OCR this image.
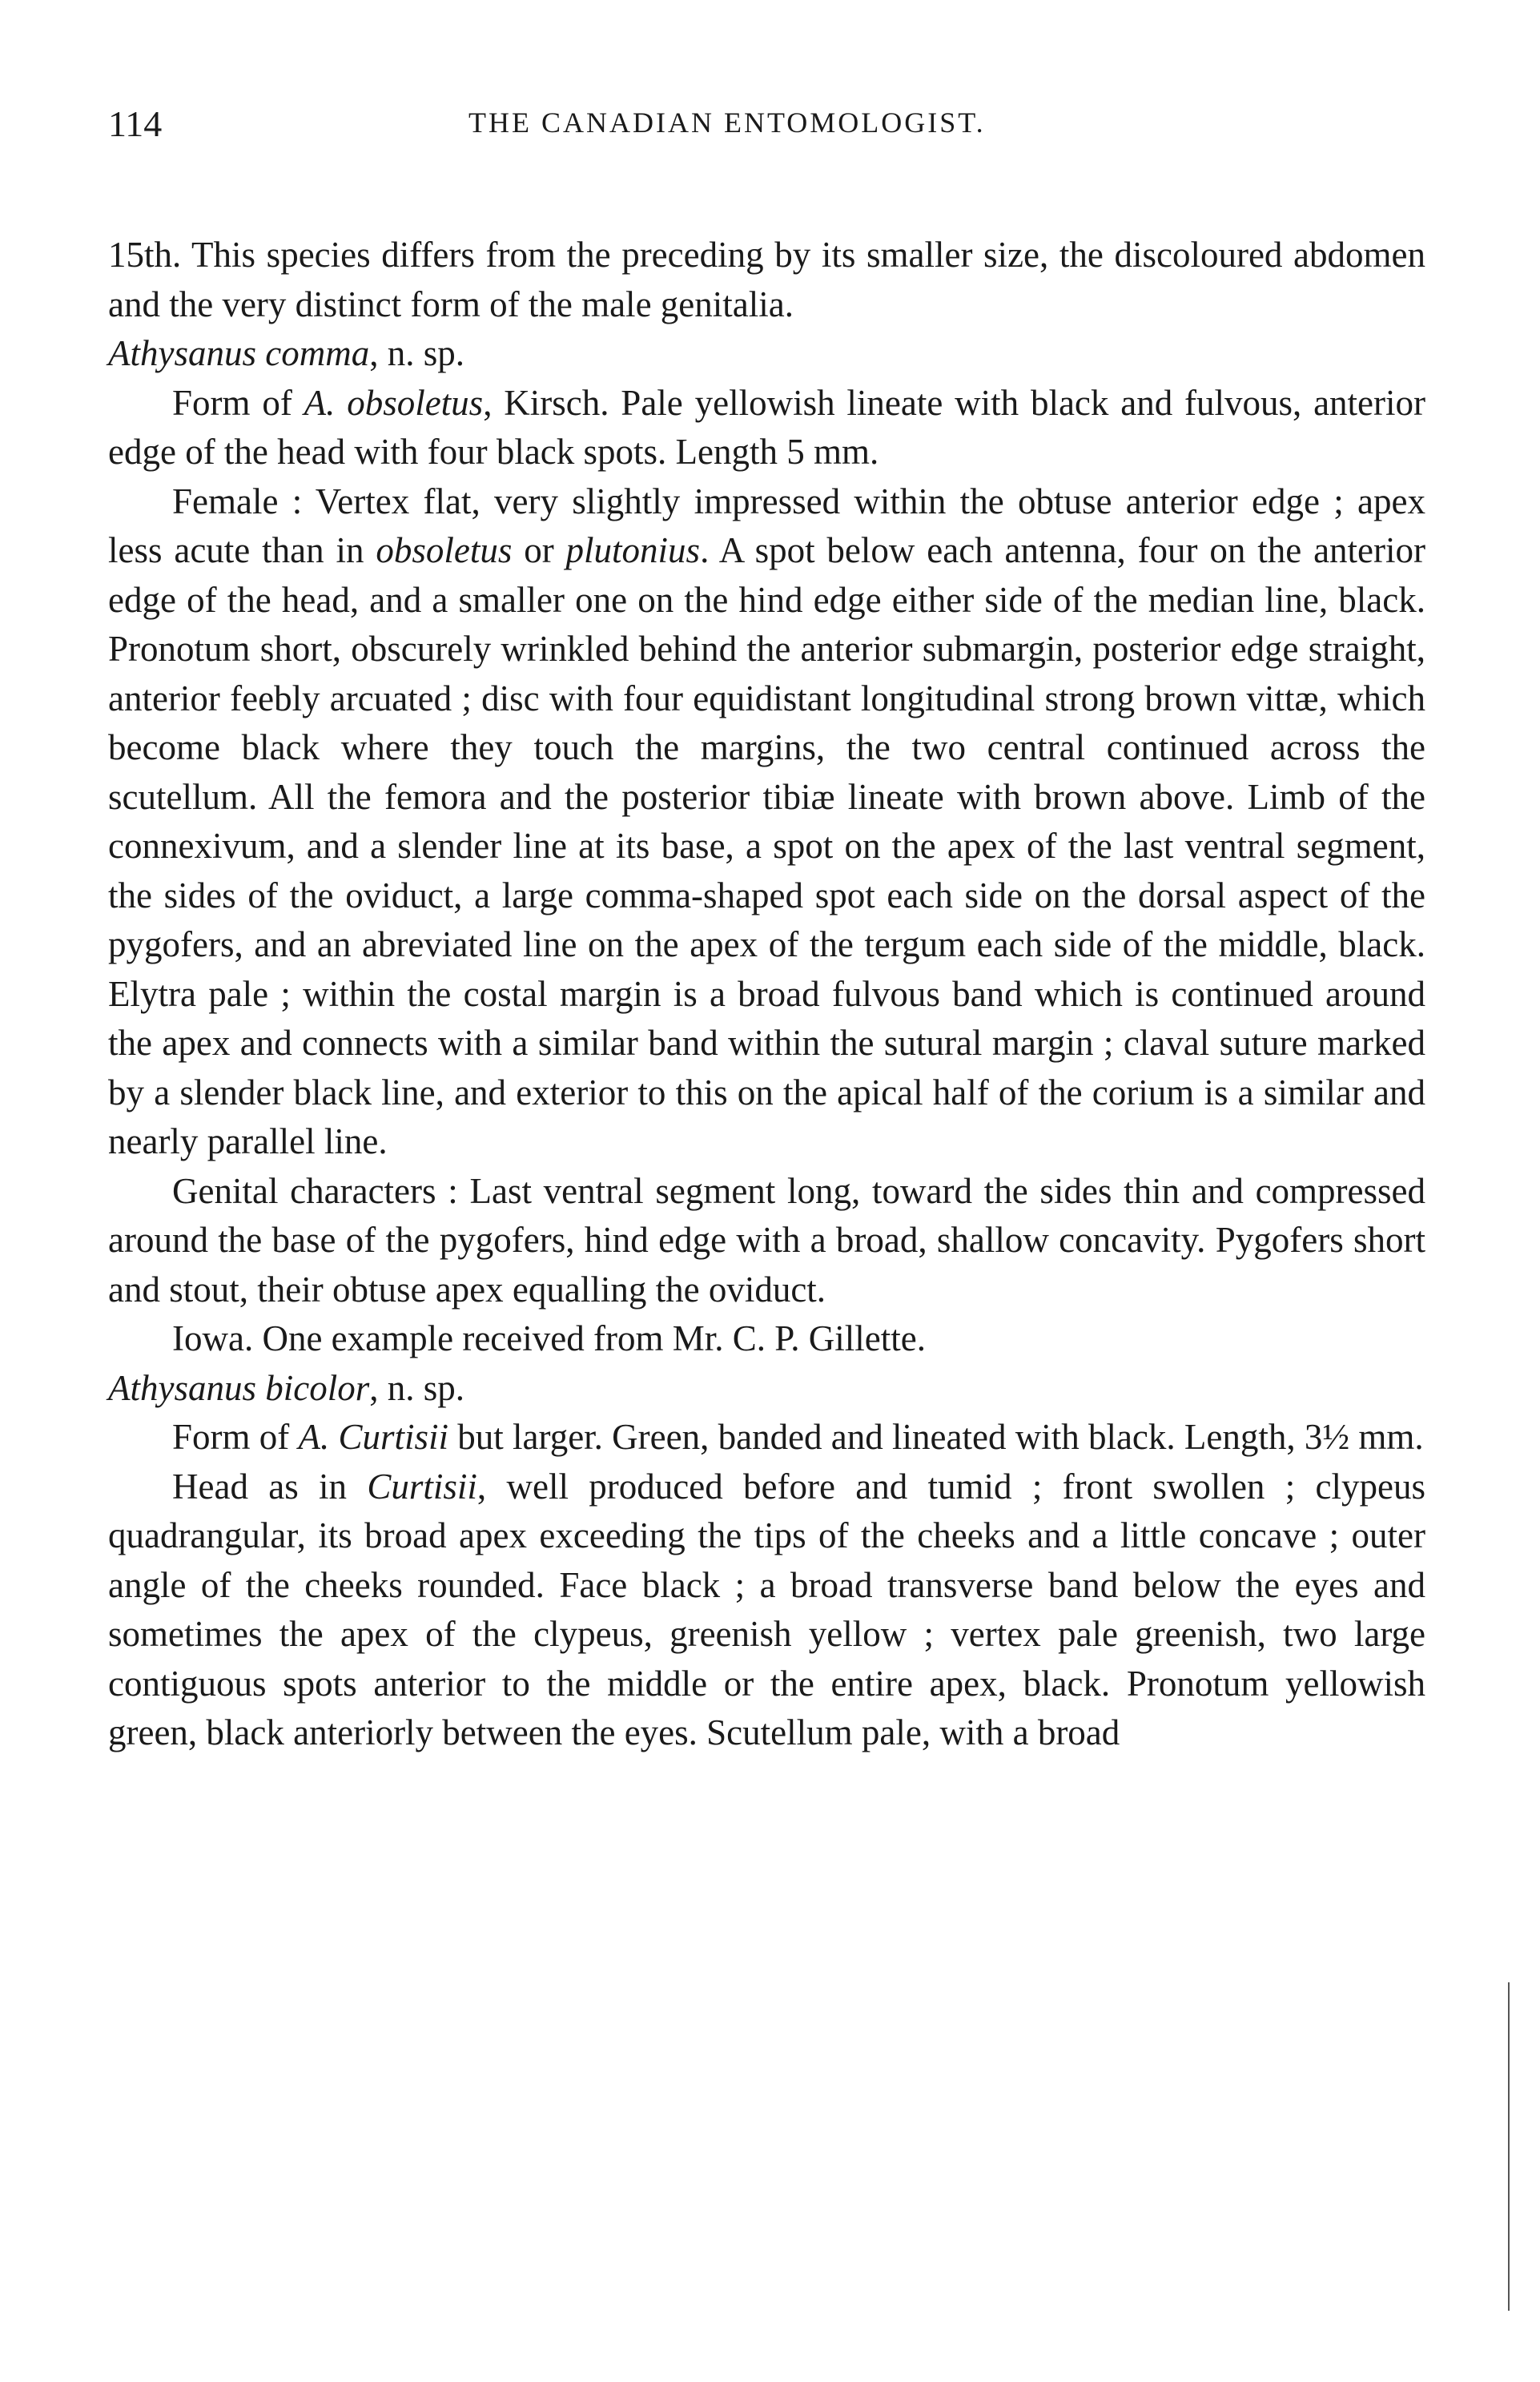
114	THE CANADIAN ENTOMOLOGIST.

15th. This species differs from the preceding by its smaller size, the discoloured abdomen and the very distinct form of the male genitalia.

Athysanus comma, n. sp.

Form of A. obsoletus, Kirsch. Pale yellowish lineate with black and fulvous, anterior edge of the head with four black spots. Length 5 mm.

Female : Vertex flat, very slightly impressed within the obtuse anterior edge ; apex less acute than in obsoletus or plutonius. A spot below each antenna, four on the anterior edge of the head, and a smaller one on the hind edge either side of the median line, black. Pronotum short, obscurely wrinkled behind the anterior submargin, posterior edge straight, anterior feebly arcuated ; disc with four equidistant longitudinal strong brown vittæ, which become black where they touch the margins, the two central continued across the scutellum. All the femora and the posterior tibiæ lineate with brown above. Limb of the connexivum, and a slender line at its base, a spot on the apex of the last ventral segment, the sides of the oviduct, a large comma-shaped spot each side on the dorsal aspect of the pygofers, and an abreviated line on the apex of the tergum each side of the middle, black. Elytra pale ; within the costal margin is a broad fulvous band which is continued around the apex and connects with a similar band within the sutural margin ; claval suture marked by a slender black line, and exterior to this on the apical half of the corium is a similar and nearly parallel line.

Genital characters : Last ventral segment long, toward the sides thin and compressed around the base of the pygofers, hind edge with a broad, shallow concavity. Pygofers short and stout, their obtuse apex equalling the oviduct.

Iowa. One example received from Mr. C. P. Gillette.

Athysanus bicolor, n. sp.

Form of A. Curtisii but larger. Green, banded and lineated with black. Length, 3½ mm.

Head as in Curtisii, well produced before and tumid ; front swollen ; clypeus quadrangular, its broad apex exceeding the tips of the cheeks and a little concave ; outer angle of the cheeks rounded. Face black ; a broad transverse band below the eyes and sometimes the apex of the clypeus, greenish yellow ; vertex pale greenish, two large contiguous spots anterior to the middle or the entire apex, black. Pronotum yellowish green, black anteriorly between the eyes. Scutellum pale, with a broad
